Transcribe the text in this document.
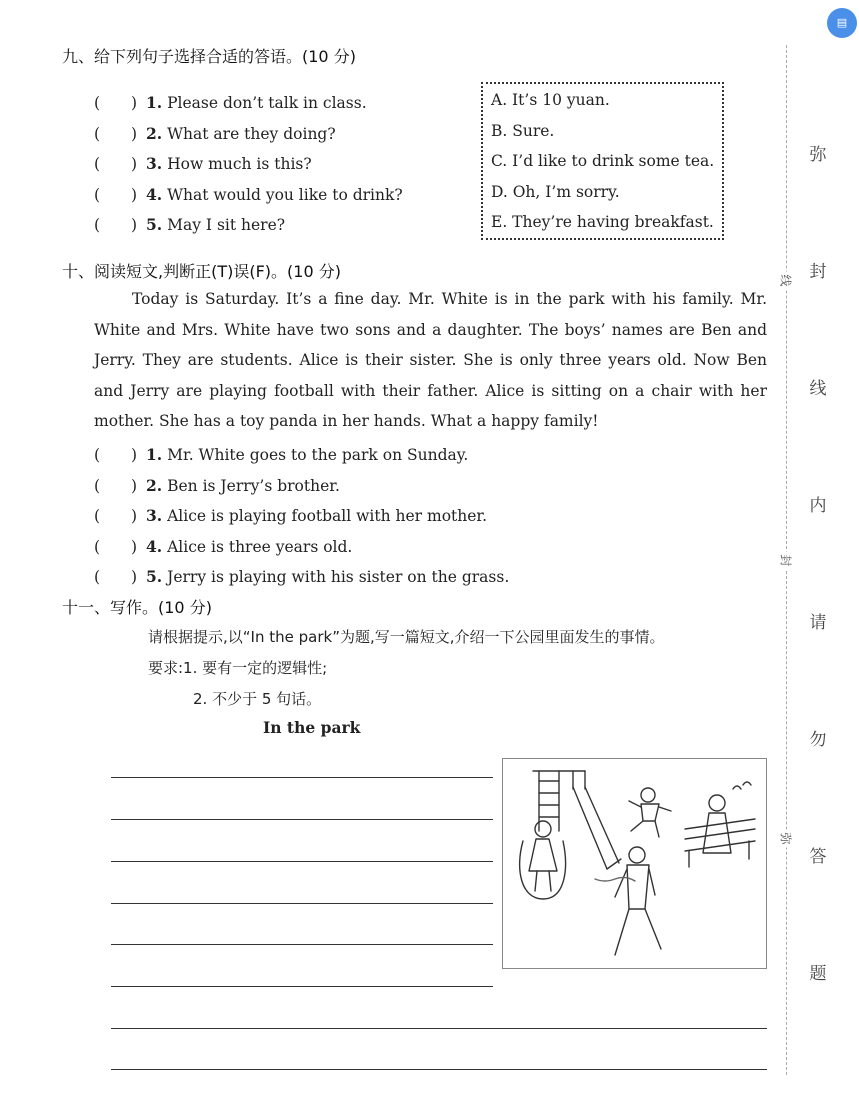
▤
九、给下列句子选择合适的答语。(10 分)
(　　) 1. Please don’t talk in class.
(　　) 2. What are they doing?
(　　) 3. How much is this?
(　　) 4. What would you like to drink?
(　　) 5. May I sit here?
A. It’s 10 yuan.
B. Sure.
C. I’d like to drink some tea.
D. Oh, I’m sorry.
E. They’re having breakfast.
十、阅读短文,判断正(T)误(F)。(10 分)

Today is Saturday. It’s a fine day. Mr. White is in the park with his family. Mr. White and Mrs. White have two sons and a daughter. The boys’ names are Ben and Jerry. They are students. Alice is their sister. She is only three years old. Now Ben and Jerry are playing football with their father. Alice is sitting on a chair with her mother. She has a toy panda in her hands. What a happy family!

(　　) 1. Mr. White goes to the park on Sunday.
(　　) 2. Ben is Jerry’s brother.
(　　) 3. Alice is playing football with her mother.
(　　) 4. Alice is three years old.
(　　) 5. Jerry is playing with his sister on the grass.
十一、写作。(10 分)
请根据提示,以“In the park”为题,写一篇短文,介绍一下公园里面发生的事情。
要求:1. 要有一定的逻辑性;
2. 不少于 5 句话。
In the park
线
封
弥
弥
封
线
内
请
勿
答
题
